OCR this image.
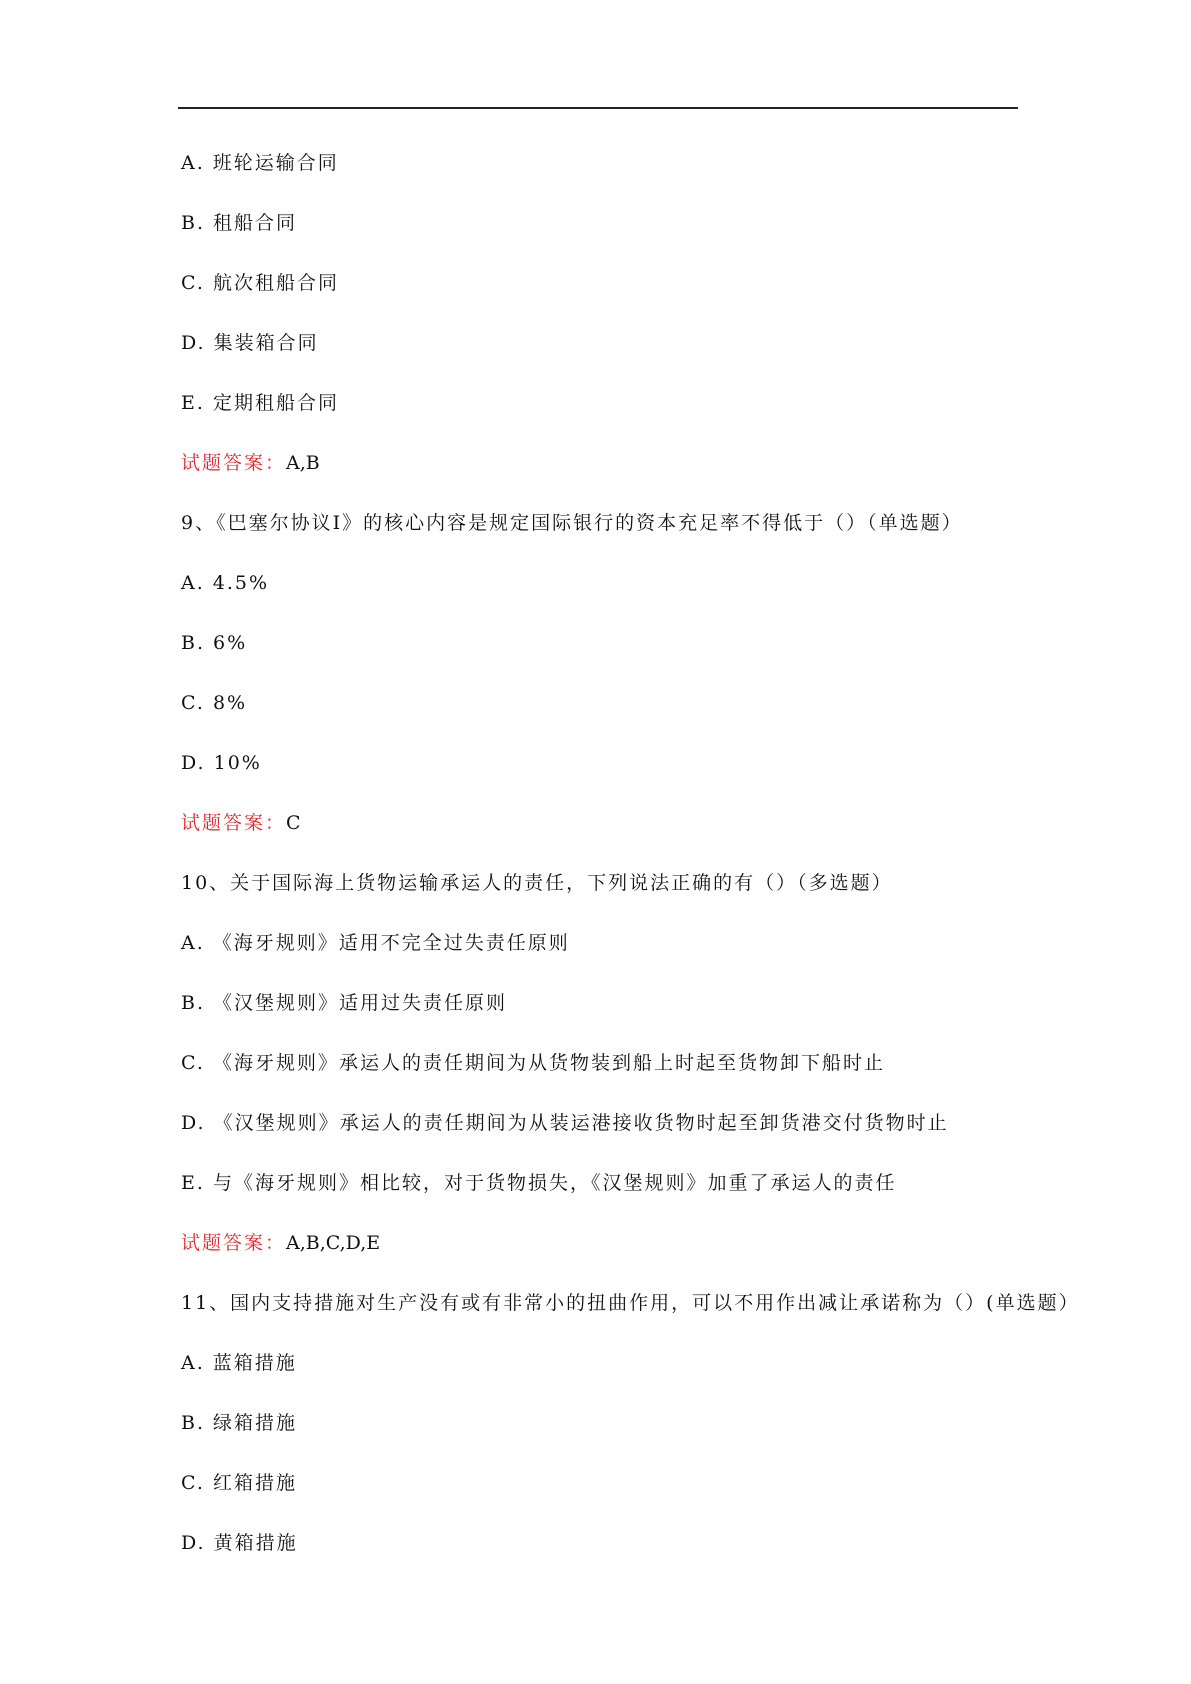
A. 班轮运输合同
B. 租船合同
C. 航次租船合同
D. 集装箱合同
E. 定期租船合同
试题答案：A,B
9、《巴塞尔协议Ⅰ》的核心内容是规定国际银行的资本充足率不得低于（）（单选题）
A. 4.5%
B. 6%
C. 8%
D. 10%
试题答案：C
10、关于国际海上货物运输承运人的责任，下列说法正确的有（）（多选题）
A. 《海牙规则》适用不完全过失责任原则
B. 《汉堡规则》适用过失责任原则
C. 《海牙规则》承运人的责任期间为从货物装到船上时起至货物卸下船时止
D. 《汉堡规则》承运人的责任期间为从装运港接收货物时起至卸货港交付货物时止
E. 与《海牙规则》相比较，对于货物损失，《汉堡规则》加重了承运人的责任
试题答案：A,B,C,D,E
11、国内支持措施对生产没有或有非常小的扭曲作用，可以不用作出减让承诺称为（）(单选题）
A. 蓝箱措施
B. 绿箱措施
C. 红箱措施
D. 黄箱措施
